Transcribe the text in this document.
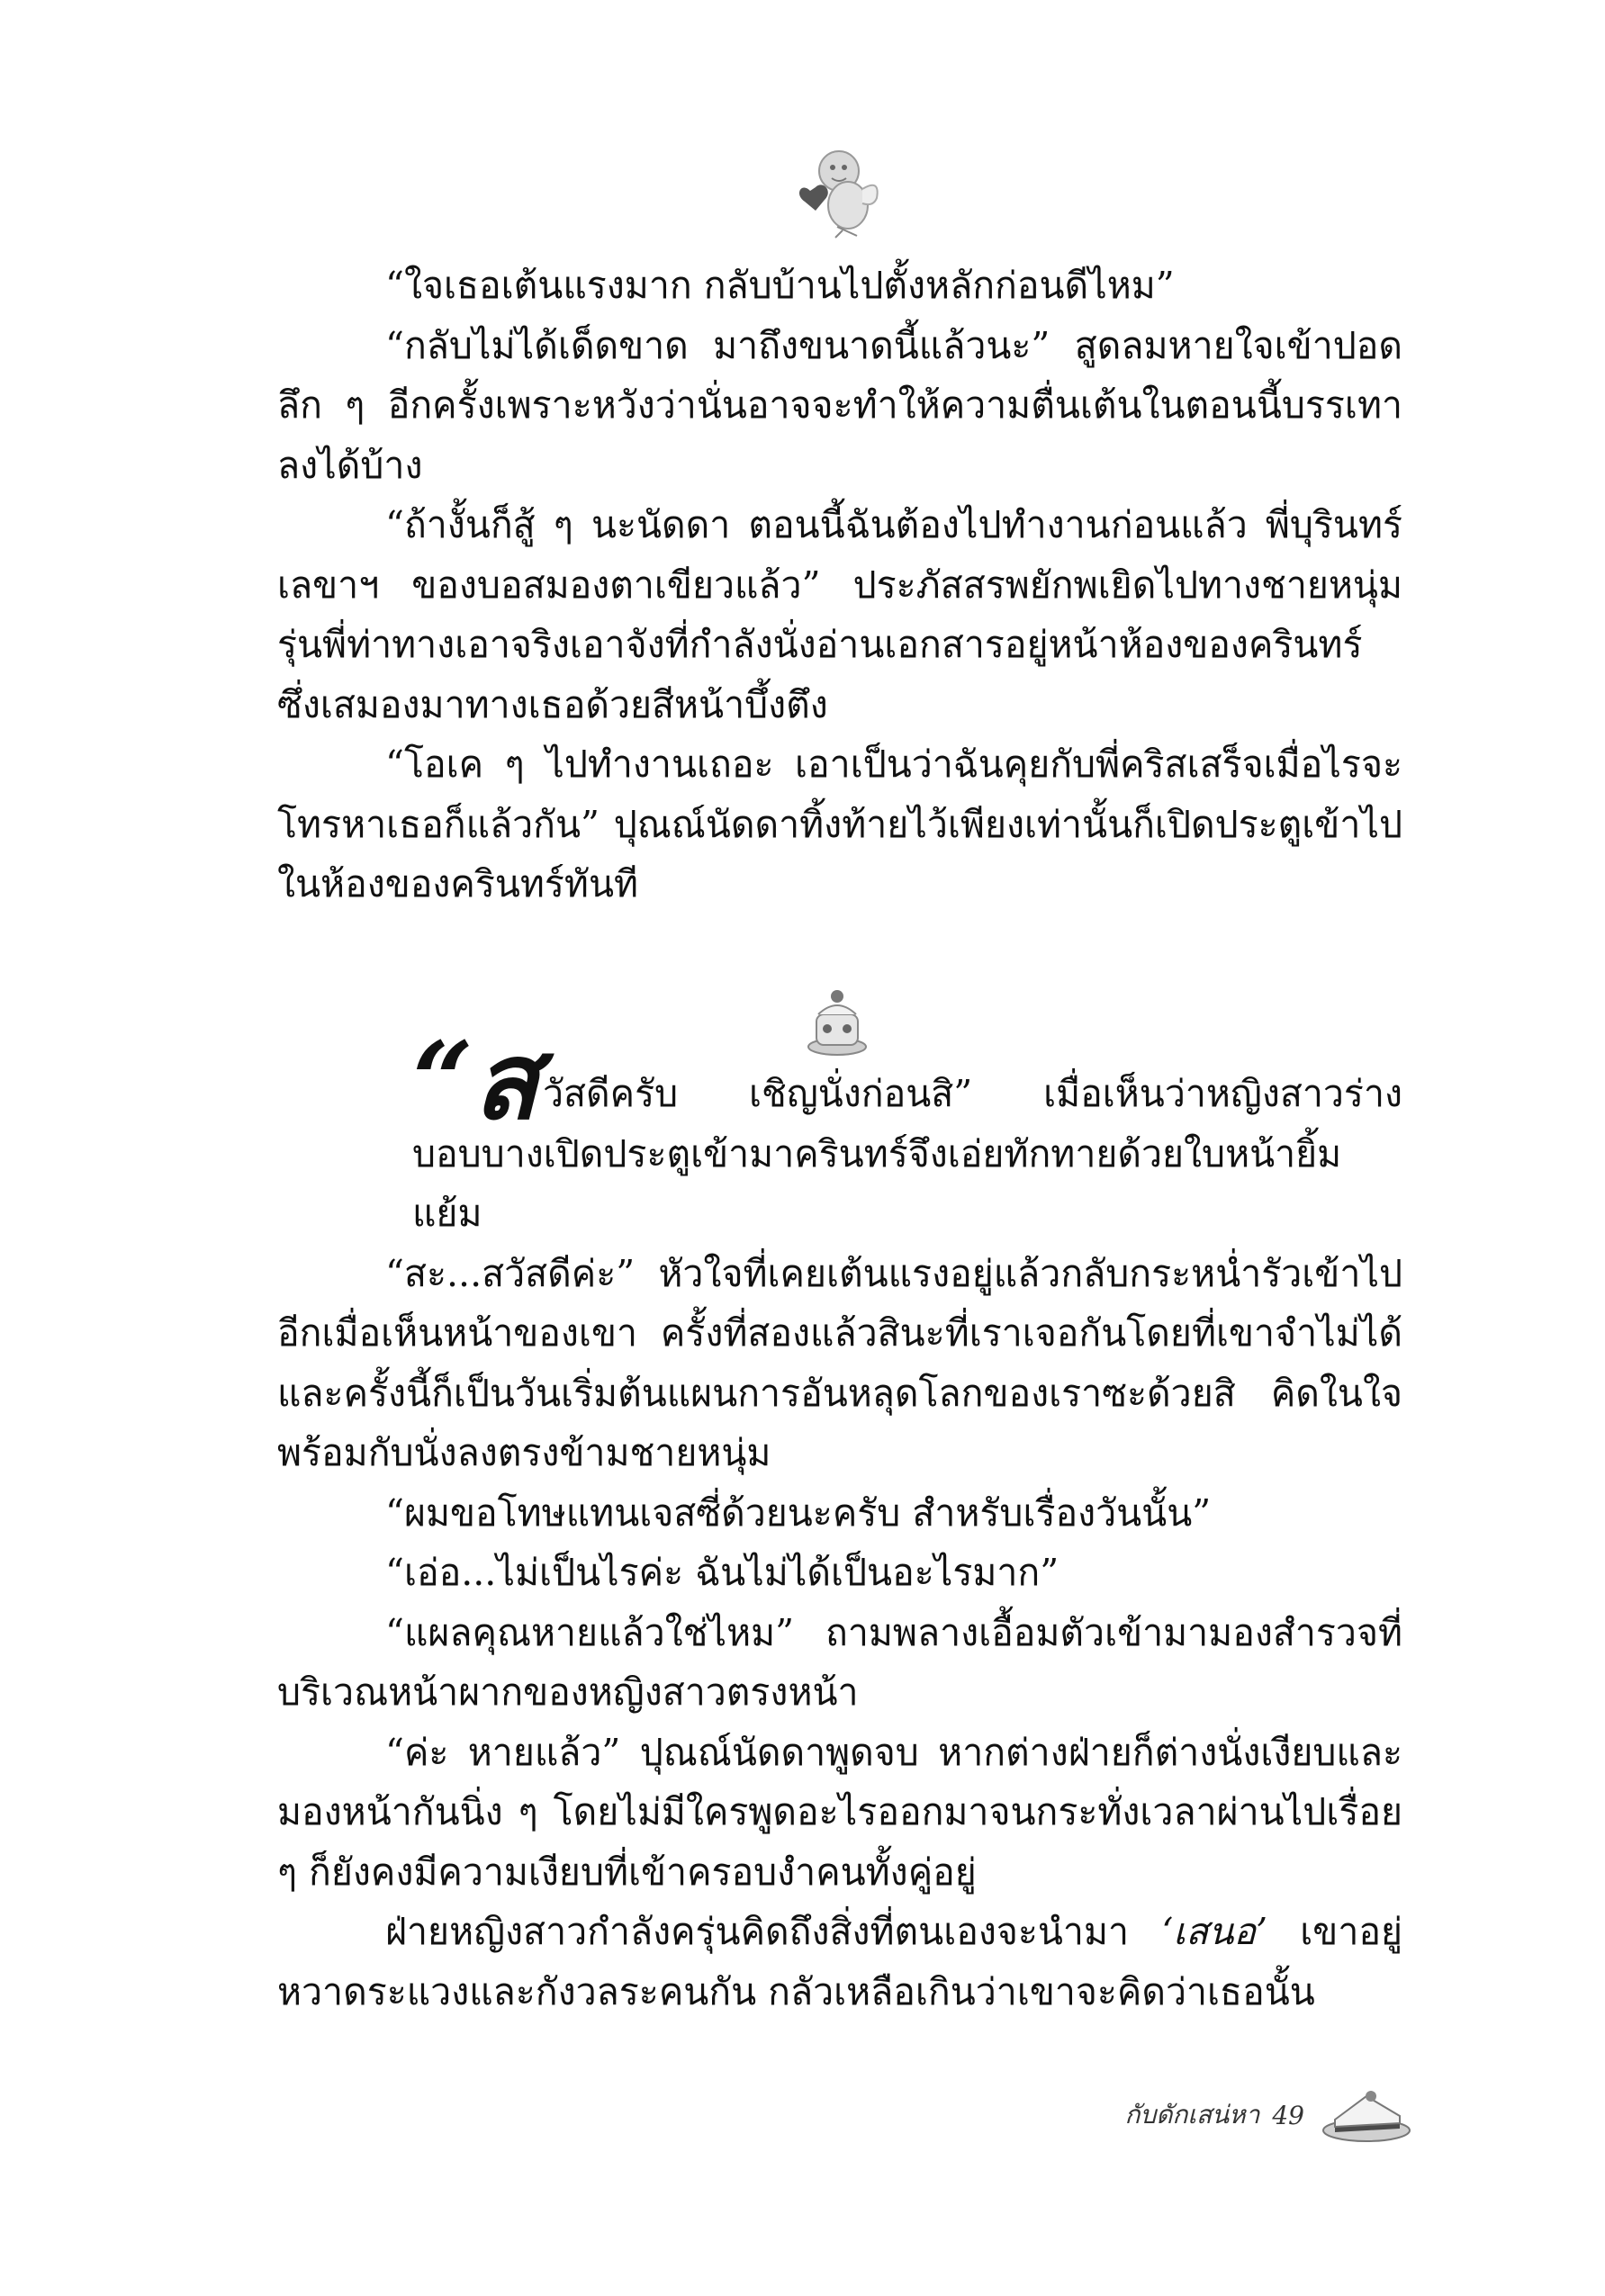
“ใจเธอเต้นแรงมาก กลับบ้านไปตั้งหลักก่อนดีไหม”

“กลับไม่ได้เด็ดขาด มาถึงขนาดนี้แล้วนะ” สูดลมหายใจเข้าปอดลึก ๆ อีกครั้งเพราะหวังว่านั่นอาจจะทำให้ความตื่นเต้นในตอนนี้บรรเทาลงได้บ้าง

“ถ้างั้นก็สู้ ๆ นะนัดดา ตอนนี้ฉันต้องไปทำงานก่อนแล้ว พี่บุรินทร์เลขาฯ ของบอสมองตาเขียวแล้ว” ประภัสสรพยักพเยิดไปทางชายหนุ่มรุ่นพี่ท่าทางเอาจริงเอาจังที่กำลังนั่งอ่านเอกสารอยู่หน้าห้องของครินทร์ซึ่งเสมองมาทางเธอด้วยสีหน้าบึ้งตึง

“โอเค ๆ ไปทำงานเถอะ เอาเป็นว่าฉันคุยกับพี่คริสเสร็จเมื่อไรจะโทรหาเธอก็แล้วกัน” ปุณณ์นัดดาทิ้งท้ายไว้เพียงเท่านั้นก็เปิดประตูเข้าไปในห้องของครินทร์ทันที

“ส วัสดีครับ เชิญนั่งก่อนสิ” เมื่อเห็นว่าหญิงสาวร่างบอบบางเปิดประตูเข้ามาครินทร์จึงเอ่ยทักทายด้วยใบหน้ายิ้มแย้ม

“สะ...สวัสดีค่ะ” หัวใจที่เคยเต้นแรงอยู่แล้วกลับกระหน่ำรัวเข้าไปอีกเมื่อเห็นหน้าของเขา ครั้งที่สองแล้วสินะที่เราเจอกันโดยที่เขาจำไม่ได้ และครั้งนี้ก็เป็นวันเริ่มต้นแผนการอันหลุดโลกของเราซะด้วยสิ คิดในใจพร้อมกับนั่งลงตรงข้ามชายหนุ่ม

“ผมขอโทษแทนเจสซี่ด้วยนะครับ สำหรับเรื่องวันนั้น”

“เอ่อ...ไม่เป็นไรค่ะ ฉันไม่ได้เป็นอะไรมาก”

“แผลคุณหายแล้วใช่ไหม” ถามพลางเอื้อมตัวเข้ามามองสำรวจที่บริเวณหน้าผากของหญิงสาวตรงหน้า

“ค่ะ หายแล้ว” ปุณณ์นัดดาพูดจบ หากต่างฝ่ายก็ต่างนั่งเงียบและมองหน้ากันนิ่ง ๆ โดยไม่มีใครพูดอะไรออกมาจนกระทั่งเวลาผ่านไปเรื่อย ๆ ก็ยังคงมีความเงียบที่เข้าครอบงำคนทั้งคู่อยู่

ฝ่ายหญิงสาวกำลังครุ่นคิดถึงสิ่งที่ตนเองจะนำมา ‘เสนอ’ เขาอยู่ หวาดระแวงและกังวลระคนกัน กลัวเหลือเกินว่าเขาจะคิดว่าเธอนั้น

กับดักเสน่หา 49
